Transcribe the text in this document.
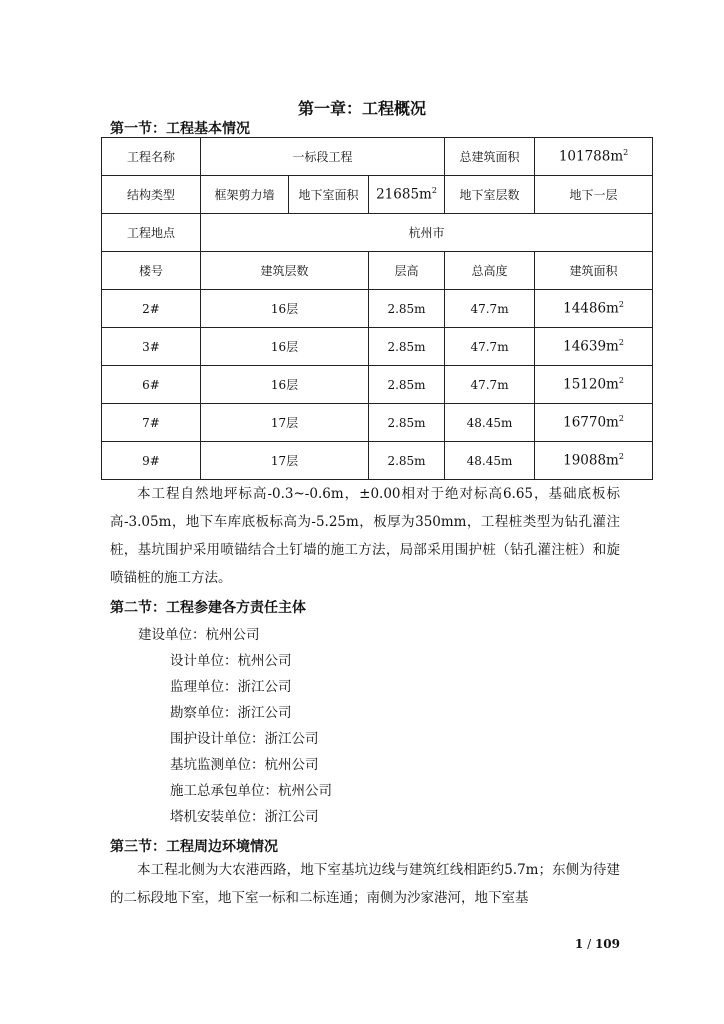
第一章：工程概况
第一节：工程基本情况
工程名称	一标段工程			总建筑面积	$101788m^2$
结构类型	框架剪力墙	地下室面积	$21685m^2$	地下室层数	地下一层
工程地点	杭州市				
楼号	建筑层数		层高	总高度	建筑面积
2#	16层		2.85m	47.7m	$14486m^2$
3#	16层		2.85m	47.7m	$14639m^2$
6#	16层		2.85m	47.7m	$15120m^2$
7#	17层		2.85m	48.45m	$16770m^2$
9#	17层		2.85m	48.45m	$19088m^2$

本工程自然地坪标高-0.3~-0.6m，±0.00相对于绝对标高6.65，基础底板标高-3.05m，地下车库底板标高为-5.25m，板厚为350mm，工程桩类型为钻孔灌注桩，基坑围护采用喷锚结合土钉墙的施工方法，局部采用围护桩（钻孔灌注桩）和旋喷锚桩的施工方法。

第二节：工程参建各方责任主体
建设单位：杭州公司
设计单位：杭州公司
监理单位：浙江公司
勘察单位：浙江公司
围护设计单位：浙江公司
基坑监测单位：杭州公司
施工总承包单位：杭州公司
塔机安装单位：浙江公司
第三节：工程周边环境情况

本工程北侧为大农港西路，地下室基坑边线与建筑红线相距约5.7m；东侧为待建的二标段地下室，地下室一标和二标连通；南侧为沙家港河，地下室基

1 / 109
